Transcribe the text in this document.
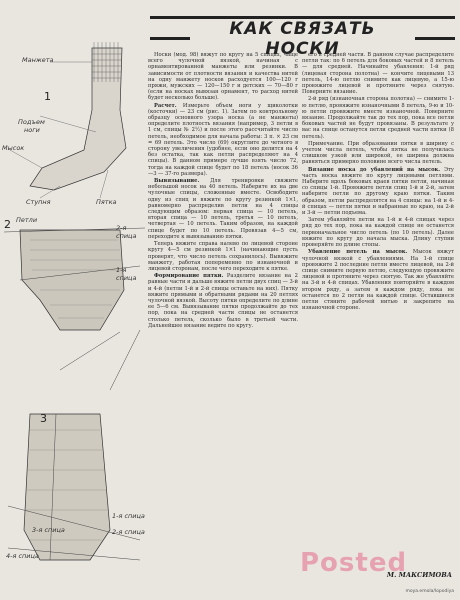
КАК СВЯЗАТЬ НОСКИ
1
Манжета
Подъем
ноги
Мысок
Ступня	Пятка
2 Петли
2-я спица
1-я спица
3
3-я спица
4-я спица
1-я спица
2-я спица

Носки (мод. 98) вяжут по кругу на 5 спицах, чаще всего чулочной вязкой, начиная с орнаментированной манжеты или резинки. В зависимости от плотности вязания и качества нитей на одну манжету носков расходуется 100—120 г пряжи, мужских — 120—150 г и детских — 70—80 г (если на носках вывязан орнамент, то расход нитей будет несколько больше).

Расчет. Измерьте объем ноги у щиколотки (косточки) — 23 см (рис. 1). Затем по контрольному образцу основного узора носка (а не манжеты) определите плотность вязания (например, 3 петли в 1 см, спицы № 2½) и после этого рассчитайте число петель, необходимое для начала работы: 3 п. × 23 см = 69 петель. Это число (69) округлите до четного в сторону увеличения (удобнее, если оно делится на 4 без остатка, так как петли распределяют на 4 спицы). В данном примере лучше взять число 72, тогда на каждой спице будет по 18 петель (носок 36—3 — 37-го размера).

Вывязывание. Для тренировки свяжите небольшой носок на 40 петель. Наберите их на две чулочные спицы, сложенные вместе. Освободите одну из спиц и вяжите по кругу резинкой 1×1, равномерно распределив петли на 4 спицы следующим образом: первая спица — 10 петель, вторая спица — 10 петель, третья — 10 петель, четвертая — 10 петель. Таким образом, на каждой спице будет по 10 петель. Провязав 4—5 см, переходите к вывязыванию пятки.

Теперь вяжите справа налево по лицевой стороне кругу 4—5 см резинкой 1×1 (начинающие пусть проверят, что число петель сохранилось). Вывяжите манжету, работая попеременно по изнаночной и лицевой сторонам, после чего переходите к пятке.

Формирование пятки. Разделите вязание на 2 равные части и дальше вяжите петли двух спиц — 3-й и 4-й (петли 1-й и 2-й спицы оставьте на них). Пятку вяжите прямыми и обратными рядами на 20 петлях чулочной вязкой. Высоту пятки определите по длине ее 5—6 см. Вывязывание пятки продолжайте до тех пор, пока на средней части спицы не останется столько петель, сколько было в третьей части. Дальнейшее вязание ведите по кругу.

его в средней части. В данном случае распределите петли так: по 6 петель для боковых частей и 8 петель — для средней. Начинайте убавления: 1-й ряд (лицевая сторона полотна) — кончите лицевыми 13 петель, 14-ю петлю снимите как лицевую, а 15-ю провяжите лицевой и протяните через снятую. Поверните вязание.

2-й ряд (изнаночная сторона полотна) — снимите 1-ю петлю, провяжите изнаночными 8 петель, 9-ю и 10-ю петли провяжите вместе изнаночной. Поверните вязание. Продолжайте так до тех пор, пока все петли боковых частей не будут провязаны. В результате у вас на спице останутся петли средней части пятки (8 петель).

Примечание. При образовании пятки в ширину с учетом числа петель, чтобы пятка не получилась слишком узкой или широкой, ее ширина должна равняться примерно половине всего числа петель.

Вязание носка до убавлений на мысок. Эту часть носка вяжите по кругу лицевыми петлями. Наберите вдоль боковых краев пятки петли, начиная со спицы 1-й. Провяжите петли спиц 1-й и 2-й, затем наберите петли по другому краю пятки. Таким образом, петли распределятся на 4 спицы: на 1-й и 4-й спицах — петли пятки и набранные по краю, на 2-й и 3-й — петли подъема.

Затем убавляйте петли на 1-й и 4-й спицах через ряд до тех пор, пока на каждой спице не останется первоначальное число петель (по 10 петель). Далее вяжите по кругу до начала мыска. Длину ступни проверяйте по длине стопы.

Убавление петель на мысок. Мысок вяжут чулочной вязкой с убавлениями. На 1-й спице провяжите 2 последние петли вместе лицевой, на 2-й спице снимите первую петлю, следующую провяжите лицевой и протяните через снятую. Так же убавляйте на 3-й и 4-й спицах. Убавления повторяйте в каждом втором ряду, а затем в каждом ряду, пока не останется по 2 петли на каждой спице. Оставшиеся петли стяните рабочей нитью и закрепите на изнаночной стороне.

Posted
М. МАКСИМОВА
moya.emola/lopodiya
